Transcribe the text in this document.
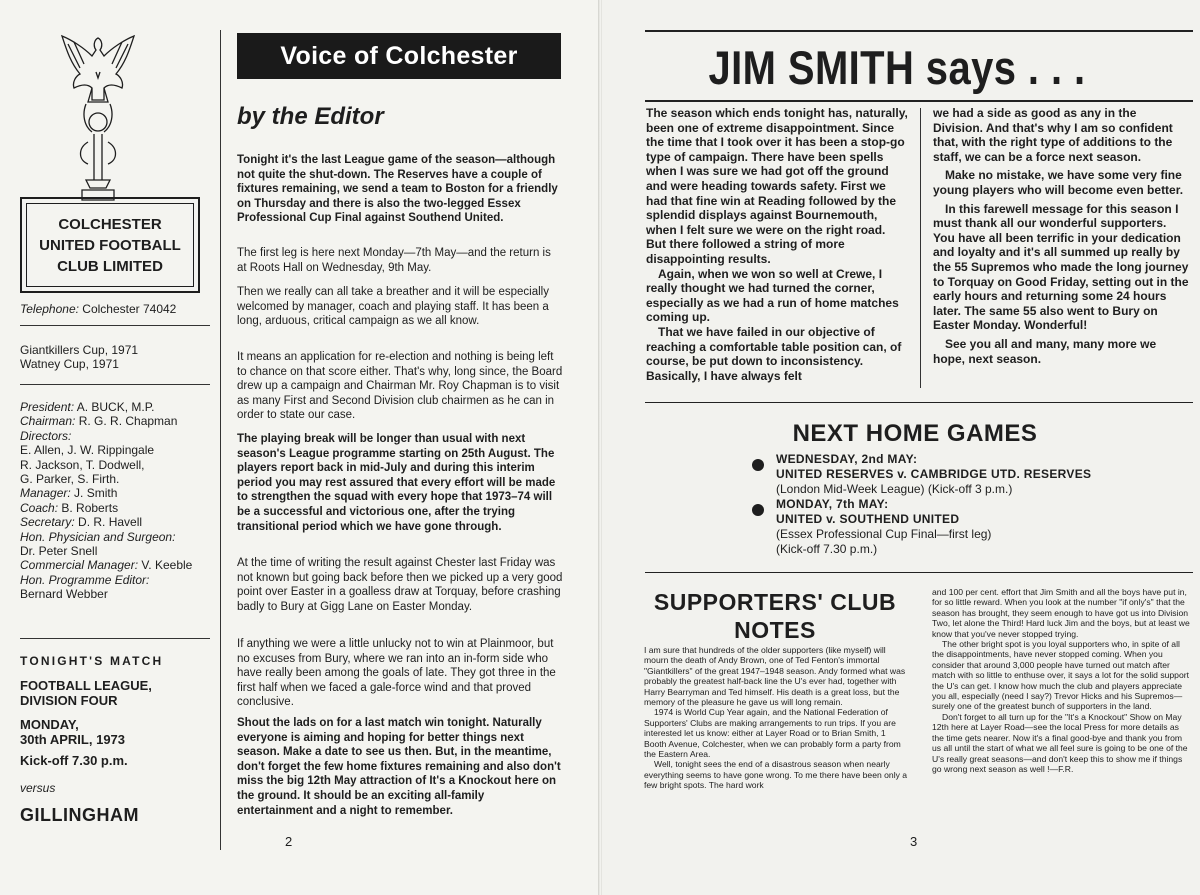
COLCHESTER
UNITED FOOTBALL
CLUB LIMITED
Telephone: Colchester 74042
Giantkillers Cup, 1971
Watney Cup, 1971
President: A. BUCK, M.P.
Chairman: R. G. R. Chapman
Directors:
E. Allen, J. W. Rippingale
R. Jackson, T. Dodwell,
G. Parker, S. Firth.
Manager: J. Smith
Coach: B. Roberts
Secretary: D. R. Havell
Hon. Physician and Surgeon:
Dr. Peter Snell
Commercial Manager: V. Keeble
Hon. Programme Editor:
Bernard Webber
TONIGHT'S MATCH
FOOTBALL LEAGUE,
DIVISION FOUR
MONDAY,
30th APRIL, 1973
Kick-off 7.30 p.m.
versus
GILLINGHAM
Voice of Colchester
by the Editor
Tonight it's the last League game of the season—although not quite the shut-down. The Reserves have a couple of fixtures remaining, we send a team to Boston for a friendly on Thursday and there is also the two-legged Essex Professional Cup Final against Southend United.
The first leg is here next Monday—7th May—and the return is at Roots Hall on Wednesday, 9th May.
Then we really can all take a breather and it will be especially welcomed by manager, coach and playing staff. It has been a long, arduous, critical campaign as we all know.
It means an application for re-election and nothing is being left to chance on that score either. That's why, long since, the Board drew up a campaign and Chairman Mr. Roy Chapman is to visit as many First and Second Division club chairmen as he can in order to state our case.
The playing break will be longer than usual with next season's League programme starting on 25th August. The players report back in mid-July and during this interim period you may rest assured that every effort will be made to strengthen the squad with every hope that 1973–74 will be a successful and victorious one, after the trying transitional period which we have gone through.
At the time of writing the result against Chester last Friday was not known but going back before then we picked up a very good point over Easter in a goalless draw at Torquay, before crashing badly to Bury at Gigg Lane on Easter Monday.
If anything we were a little unlucky not to win at Plainmoor, but no excuses from Bury, where we ran into an in-form side who have really been among the goals of late. They got three in the first half when we faced a gale-force wind and that proved conclusive.
Shout the lads on for a last match win tonight. Naturally everyone is aiming and hoping for better things next season. Make a date to see us then. But, in the meantime, don't forget the few home fixtures remaining and also don't miss the big 12th May attraction of It's a Knockout here on the ground. It should be an exciting all-family entertainment and a night to remember.
2
JIM SMITH says . . .

The season which ends tonight has, naturally, been one of extreme disappointment. Since the time that I took over it has been a stop-go type of campaign. There have been spells when I was sure we had got off the ground and were heading towards safety. First we had that fine win at Reading followed by the splendid displays against Bournemouth, when I felt sure we were on the right road. But there followed a string of more disappointing results.

Again, when we won so well at Crewe, I really thought we had turned the corner, especially as we had a run of home matches coming up.

That we have failed in our objective of reaching a comfortable table position can, of course, be put down to inconsistency. Basically, I have always felt

we had a side as good as any in the Division. And that's why I am so confident that, with the right type of additions to the staff, we can be a force next season.

Make no mistake, we have some very fine young players who will become even better.

In this farewell message for this season I must thank all our wonderful supporters. You have all been terrific in your dedication and loyalty and it's all summed up really by the 55 Supremos who made the long journey to Torquay on Good Friday, setting out in the early hours and returning some 24 hours later. The same 55 also went to Bury on Easter Monday. Wonderful!

See you all and many, many more we hope, next season.

NEXT HOME GAMES
WEDNESDAY, 2nd MAY:
UNITED RESERVES v. CAMBRIDGE UTD. RESERVES
(London Mid-Week League) (Kick-off 3 p.m.)
MONDAY, 7th MAY:
UNITED v. SOUTHEND UNITED
(Essex Professional Cup Final—first leg)
(Kick-off 7.30 p.m.)
SUPPORTERS' CLUB
NOTES

I am sure that hundreds of the older supporters (like myself) will mourn the death of Andy Brown, one of Ted Fenton's immortal "Giantkillers" of the great 1947–1948 season. Andy formed what was probably the greatest half-back line the U's ever had, together with Harry Bearryman and Ted himself. His death is a great loss, but the memory of the pleasure he gave us will long remain.

1974 is World Cup Year again, and the National Federation of Supporters' Clubs are making arrangements to run trips. If you are interested let us know: either at Layer Road or to Brian Smith, 1 Booth Avenue, Colchester, when we can probably form a party from the Eastern Area.

Well, tonight sees the end of a disastrous season when nearly everything seems to have gone wrong. To me there have been only a few bright spots. The hard work

and 100 per cent. effort that Jim Smith and all the boys have put in, for so little reward. When you look at the number "if only's" that the season has brought, they seem enough to have got us into Division Two, let alone the Third! Hard luck Jim and the boys, but at least we know that you've never stopped trying.

The other bright spot is you loyal supporters who, in spite of all the disappointments, have never stopped coming. When you consider that around 3,000 people have turned out match after match with so little to enthuse over, it says a lot for the solid support the U's can get. I know how much the club and players appreciate you all, especially (need I say?) Trevor Hicks and his Supremos—surely one of the greatest bunch of supporters in the land.

Don't forget to all turn up for the "It's a Knockout" Show on May 12th here at Layer Road—see the local Press for more details as the time gets nearer. Now it's a final good-bye and thank you from us all until the start of what we all feel sure is going to be one of the U's really great seasons—and don't keep this to show me if things go wrong next season as well !—F.R.

3
